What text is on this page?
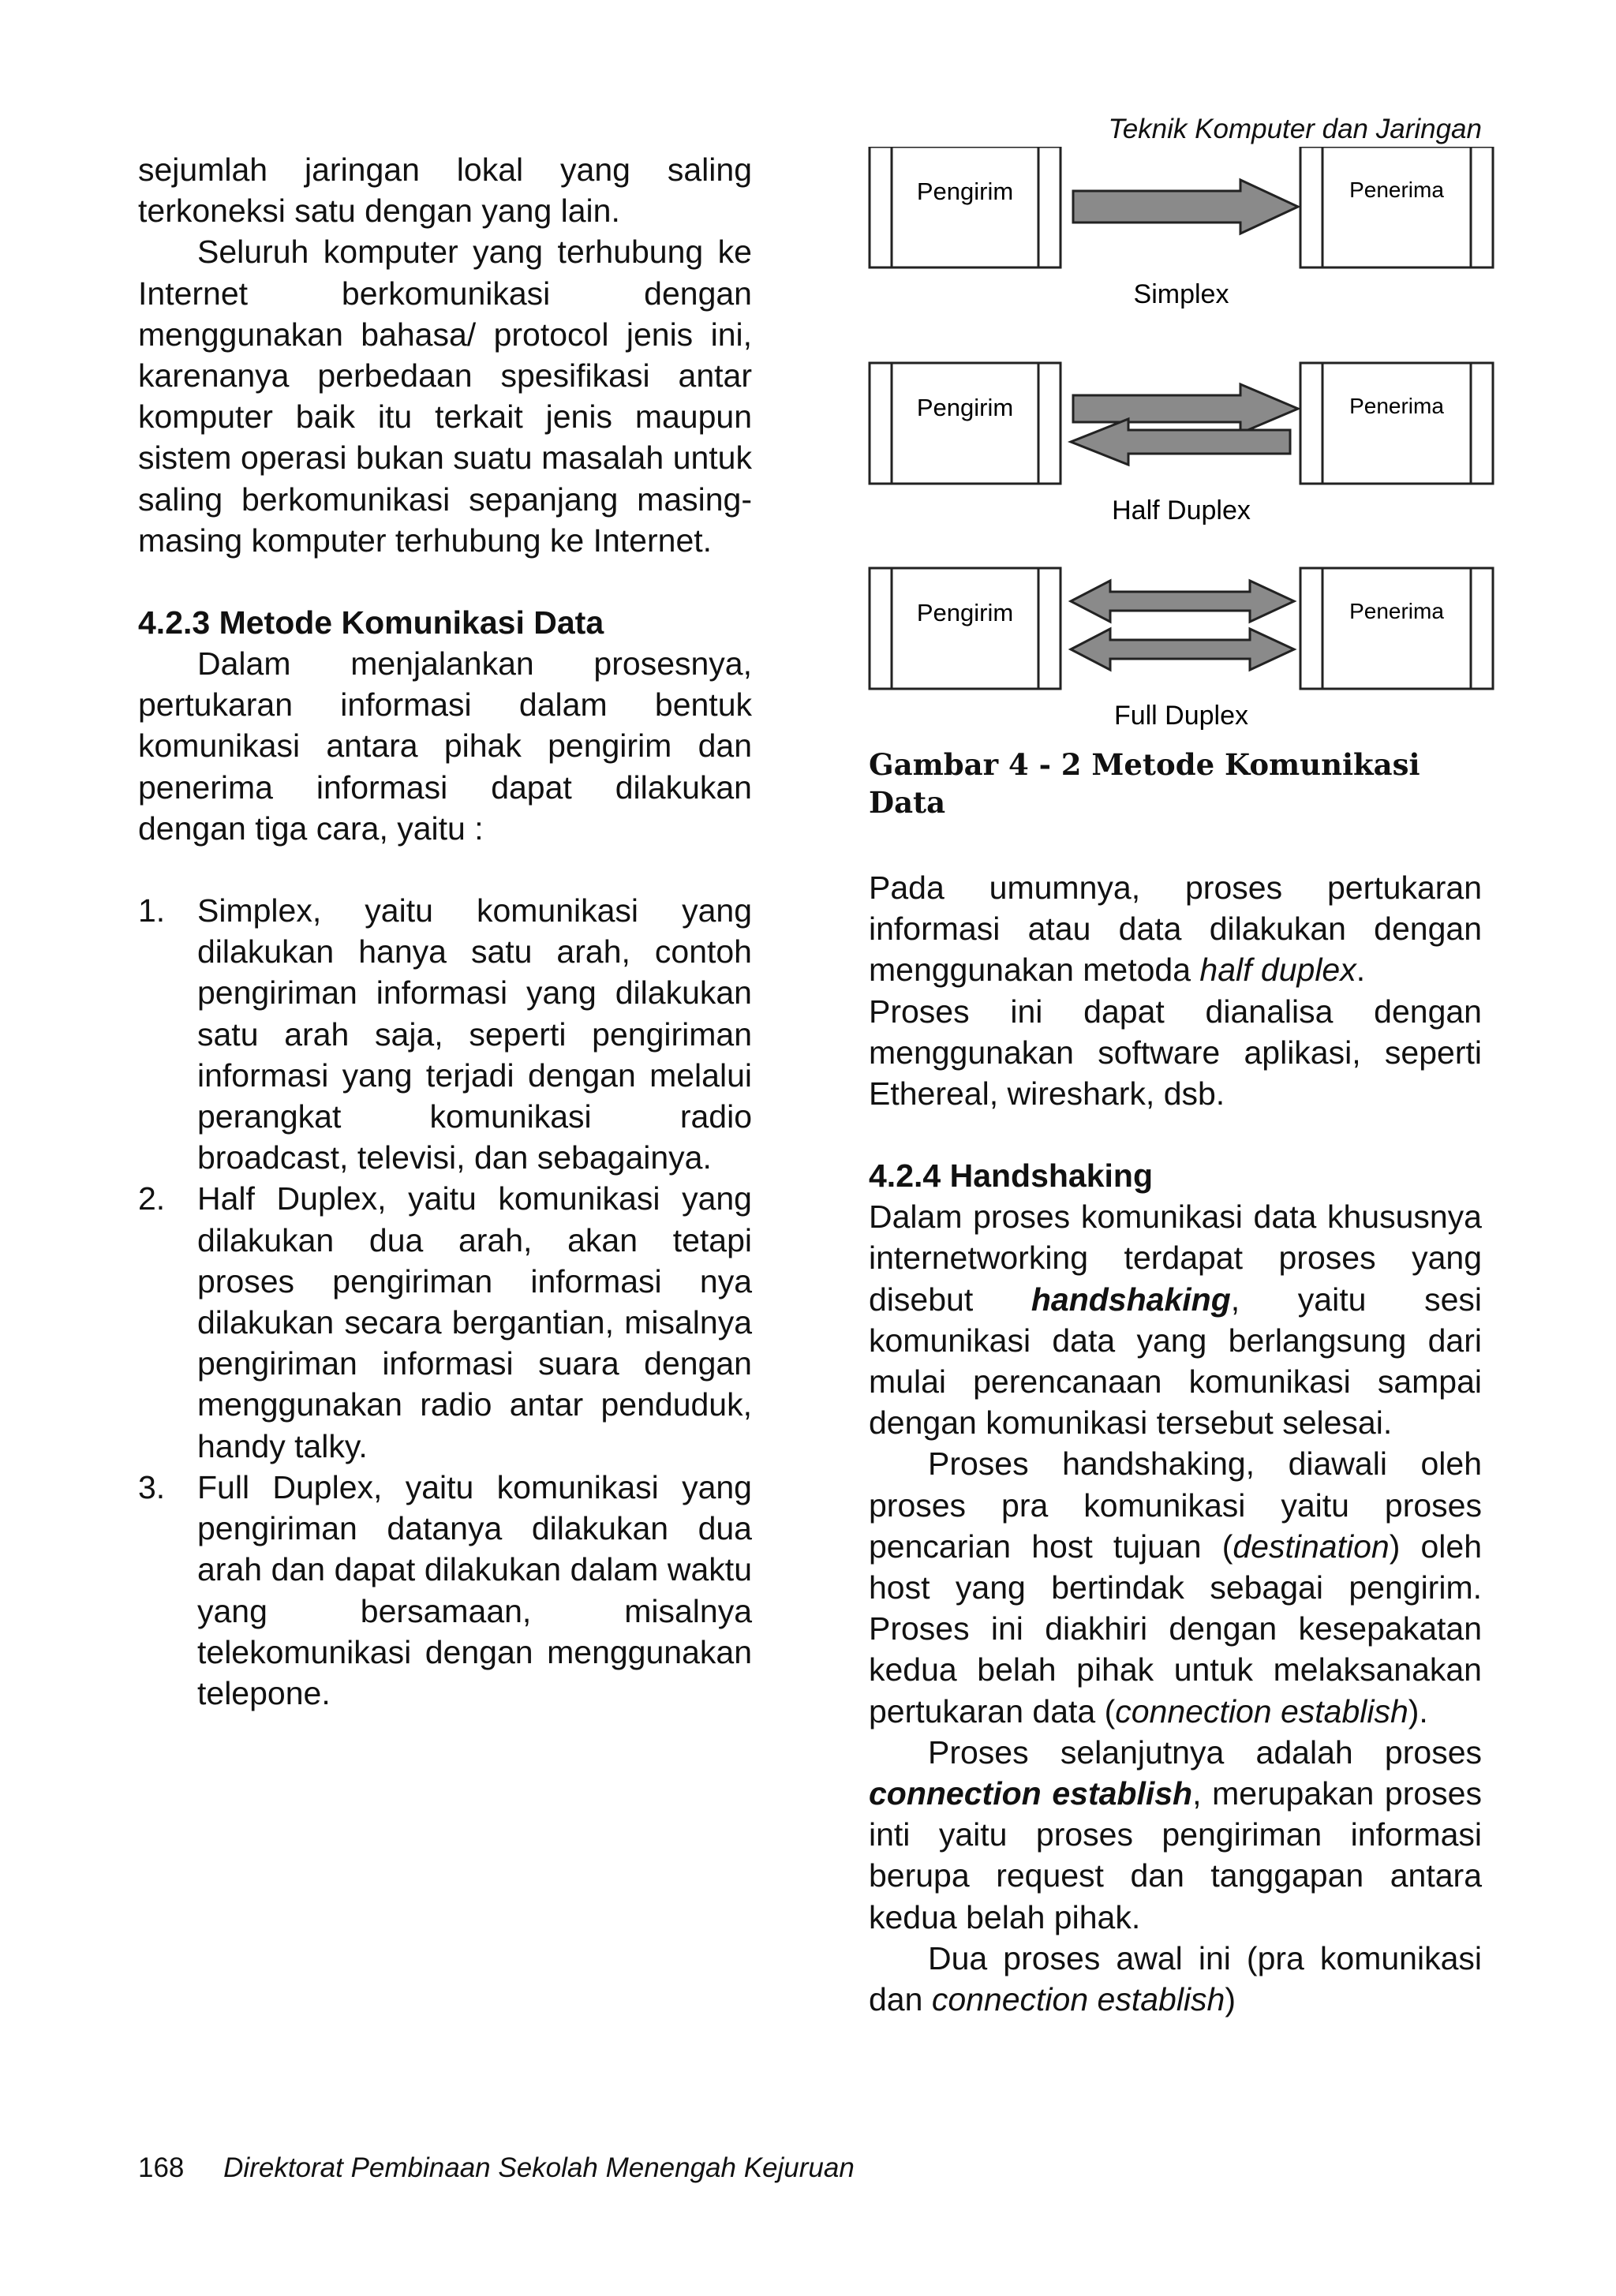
Teknik Komputer dan Jaringan

sejumlah jaringan lokal yang saling terkoneksi satu dengan yang lain.

Seluruh komputer yang terhubung ke Internet berkomunikasi dengan menggunakan bahasa/ protocol jenis ini, karenanya perbedaan spesifikasi antar komputer baik itu terkait jenis maupun sistem operasi bukan suatu masalah untuk saling berkomunikasi sepanjang masing-masing komputer terhubung ke Internet.

4.2.3 Metode Komunikasi Data

Dalam menjalankan prosesnya, pertukaran informasi dalam bentuk komunikasi antara pihak pengirim dan penerima informasi dapat dilakukan dengan tiga cara, yaitu :

1. Simplex, yaitu komunikasi yang dilakukan hanya satu arah, contoh pengiriman informasi yang dilakukan satu arah saja, seperti pengiriman informasi yang terjadi dengan melalui perangkat komunikasi radio broadcast, televisi, dan sebagainya.
2. Half Duplex, yaitu komunikasi yang dilakukan dua arah, akan tetapi proses pengiriman informasi nya dilakukan secara bergantian, misalnya pengiriman informasi suara dengan menggunakan radio antar penduduk, handy talky.
3. Full Duplex, yaitu komunikasi yang pengiriman datanya dilakukan dua arah dan dapat dilakukan dalam waktu yang bersamaan, misalnya telekomunikasi dengan menggunakan telepone.
Pengirim	Penerima
Simplex
Pengirim	Penerima
Half Duplex
Pengirim	Penerima
Full Duplex
Gambar 4 - 2 Metode Komunikasi Data

Pada umumnya, proses pertukaran informasi atau data dilakukan dengan menggunakan metoda half duplex.

Proses ini dapat dianalisa dengan menggunakan software aplikasi, seperti Ethereal, wireshark, dsb.

4.2.4 Handshaking

Dalam proses komunikasi data khususnya internetworking terdapat proses yang disebut handshaking, yaitu sesi komunikasi data yang berlangsung dari mulai perencanaan komunikasi sampai dengan komunikasi tersebut selesai.

Proses handshaking, diawali oleh proses pra komunikasi yaitu proses pencarian host tujuan (destination) oleh host yang bertindak sebagai pengirim. Proses ini diakhiri dengan kesepakatan kedua belah pihak untuk melaksanakan pertukaran data (connection establish).

Proses selanjutnya adalah proses connection establish, merupakan proses inti yaitu proses pengiriman informasi berupa request dan tanggapan antara kedua belah pihak.

Dua proses awal ini (pra komunikasi dan connection establish)

168 Direktorat Pembinaan Sekolah Menengah Kejuruan
